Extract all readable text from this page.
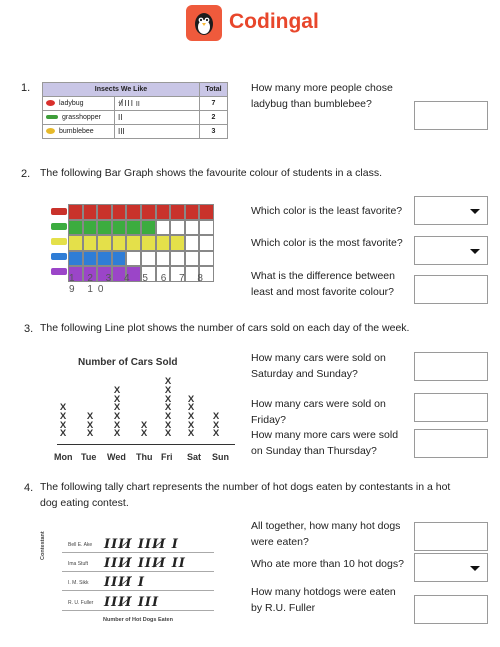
Codingal
1.	Insects We Like		Total
ladybug	⸶IIII II	7
grasshopper	II	2
bumblebee	III	3
How many more people chose ladybug than bumblebee?
2. The following Bar Graph shows the favourite colour of students in a class.
1 2 3 4 5 6 7 8 9 10
Which color is the least favorite?
Which color is the most favorite?
What is the difference between least and most favorite colour?
3. The following Line plot shows the number of cars sold on each day of the week.
Number of Cars Sold
X
X
X
X
Mon
X
X
X
Tue
X
X
X
X
X
X
Wed
X
X
Thu
X
X
X
X
X
X
X
Fri
X
X
X
X
X
Sat
X
X
X
Sun
How many cars were sold on Saturday and Sunday?
How many cars were sold on Friday?
How many more cars were sold on Sunday than Thursday?
4. The following tally chart represents the number of hot dogs eaten by contestants in a hot dog eating contest.
Contestant	Bell E. Ake IIII̸ IIII̸ I
Ima Stuft IIII̸ IIII̸ II
I. M. Sikk IIII̸ I
R. U. Fuller IIII̸ III
Number of Hot Dogs Eaten
All together, how many hot dogs were eaten?
Who ate more than 10 hot dogs?
How many hotdogs were eaten by R.U. Fuller
